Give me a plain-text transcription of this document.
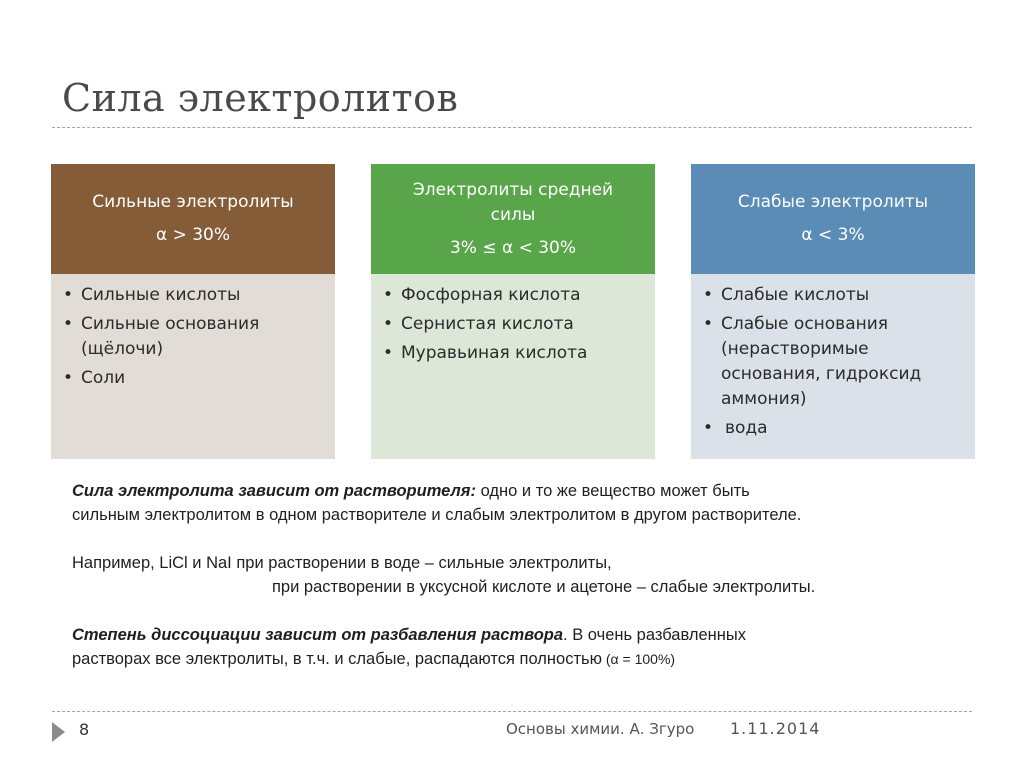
Сила электролитов
Сильные электролиты
α > 30%
• Сильные кислоты
• Сильные основания (щёлочи)
• Соли
Электролиты средней силы
3% ≤ α < 30%
• Фосфорная кислота
• Сернистая кислота
• Муравьиная кислота
Слабые электролиты
α < 3%
• Слабые кислоты
• Слабые основания (нерастворимые основания, гидроксид аммония)
• вода
Сила электролита зависит от растворителя: одно и то же вещество может быть
сильным электролитом в одном растворителе и слабым электролитом в другом растворителе.
Например, LiCl и NaI при растворении в воде – сильные электролиты,
при растворении в уксусной кислоте и ацетоне – слабые электролиты.
Степень диссоциации зависит от разбавления раствора. В очень разбавленных
растворах все электролиты, в т.ч. и слабые, распадаются полностью (α = 100%)
8	Основы химии. А. Згуро 1.11.2014
